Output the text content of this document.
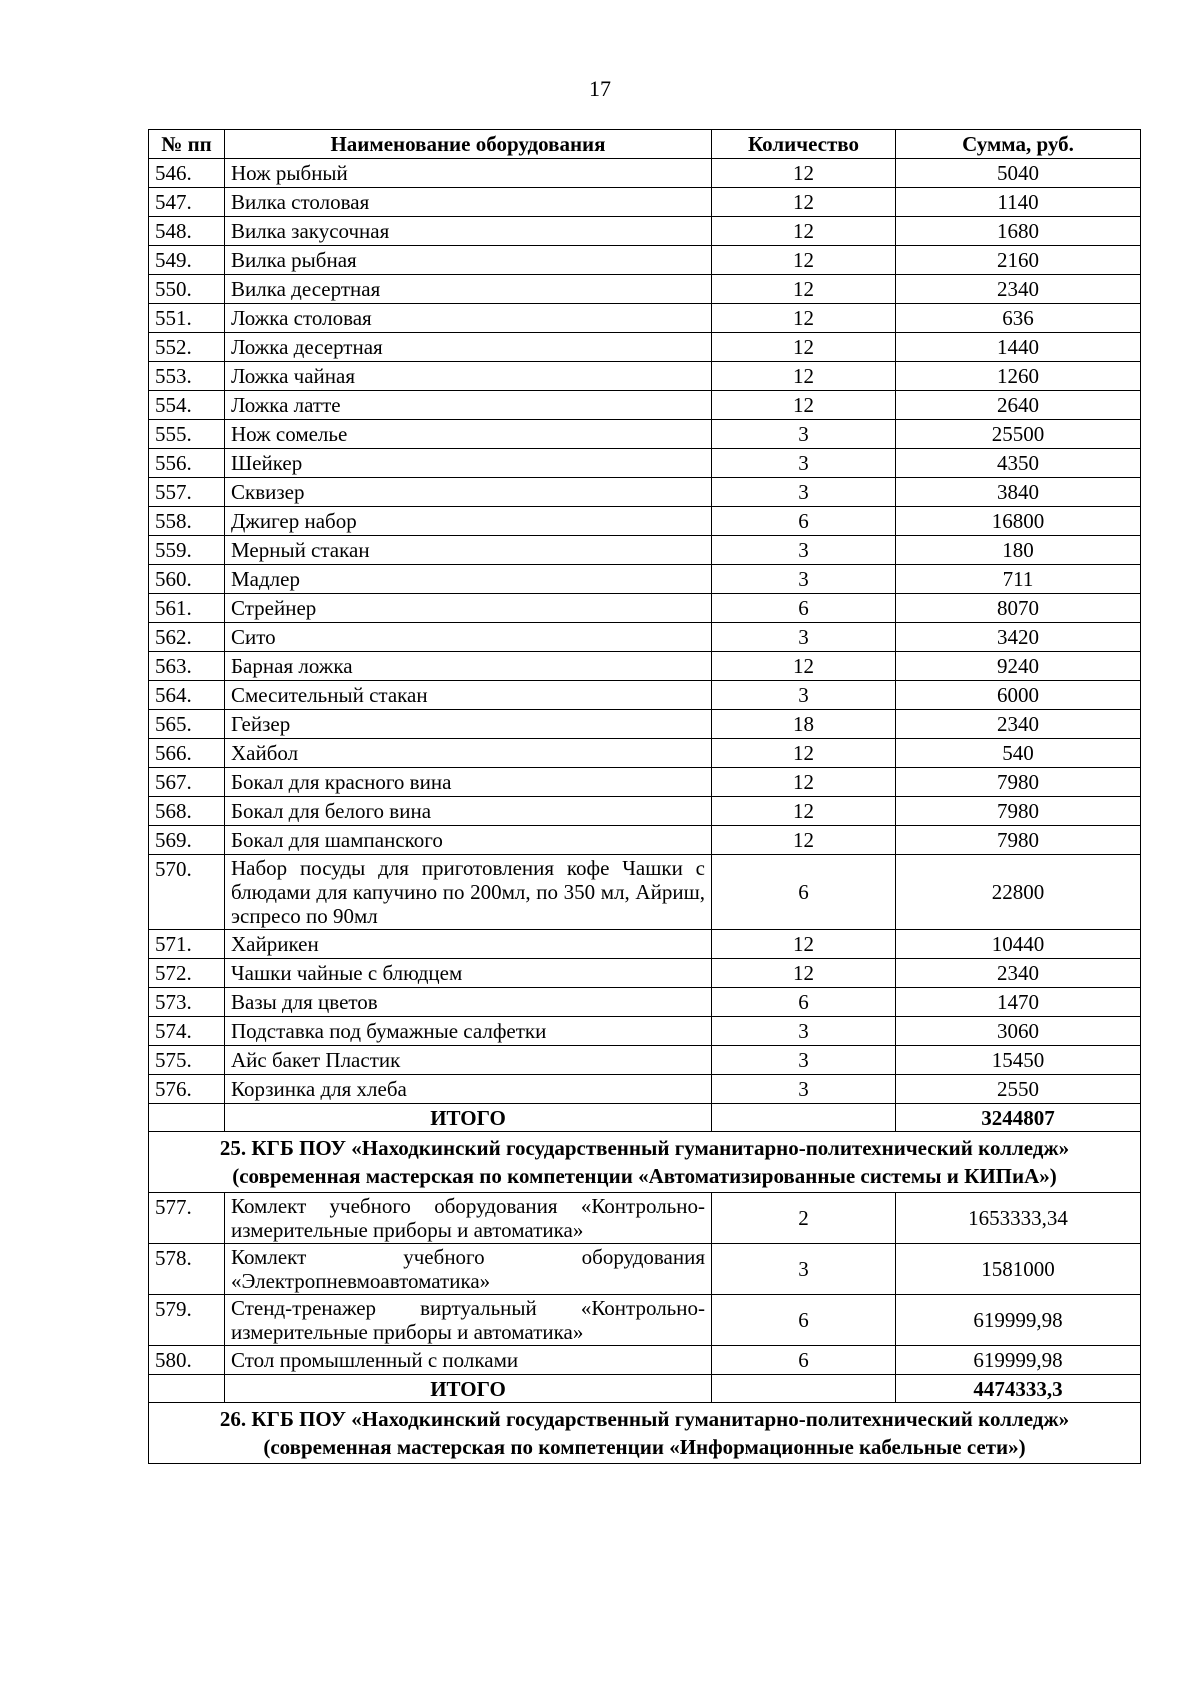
17
№ пп	Наименование оборудования	Количество	Сумма, руб.
546.	Нож рыбный	12	5040
547.	Вилка столовая	12	1140
548.	Вилка закусочная	12	1680
549.	Вилка рыбная	12	2160
550.	Вилка десертная	12	2340
551.	Ложка столовая	12	636
552.	Ложка десертная	12	1440
553.	Ложка чайная	12	1260
554.	Ложка латте	12	2640
555.	Нож сомелье	3	25500
556.	Шейкер	3	4350
557.	Сквизер	3	3840
558.	Джигер набор	6	16800
559.	Мерный стакан	3	180
560.	Мадлер	3	711
561.	Стрейнер	6	8070
562.	Сито	3	3420
563.	Барная ложка	12	9240
564.	Смесительный стакан	3	6000
565.	Гейзер	18	2340
566.	Хайбол	12	540
567.	Бокал для красного вина	12	7980
568.	Бокал для белого вина	12	7980
569.	Бокал для шампанского	12	7980
570.	Набор посуды для приготовления кофе Чашки с блюдами для капучино по 200мл, по 350 мл, Айриш, эспресо по 90мл	6	22800
571.	Хайрикен	12	10440
572.	Чашки чайные с блюдцем	12	2340
573.	Вазы для цветов	6	1470
574.	Подставка под бумажные салфетки	3	3060
575.	Айс бакет Пластик	3	15450
576.	Корзинка для хлеба	3	2550
	ИТОГО		3244807

25. КГБ ПОУ «Находкинский государственный гуманитарно-политехнический колледж»
(современная мастерская по компетенции «Автоматизированные системы и КИПиА»)			

577.	Комлект учебного оборудования «Контрольно-измерительные приборы и автоматика»	2	1653333,34
578.	Комлект учебного оборудования «Электропневмоавтоматика»	3	1581000
579.	Стенд-тренажер виртуальный «Контрольно-измерительные приборы и автоматика»	6	619999,98
580.	Стол промышленный с полками	6	619999,98
	ИТОГО		4474333,3

26. КГБ ПОУ «Находкинский государственный гуманитарно-политехнический колледж»
(современная мастерская по компетенции «Информационные кабельные сети»)			
